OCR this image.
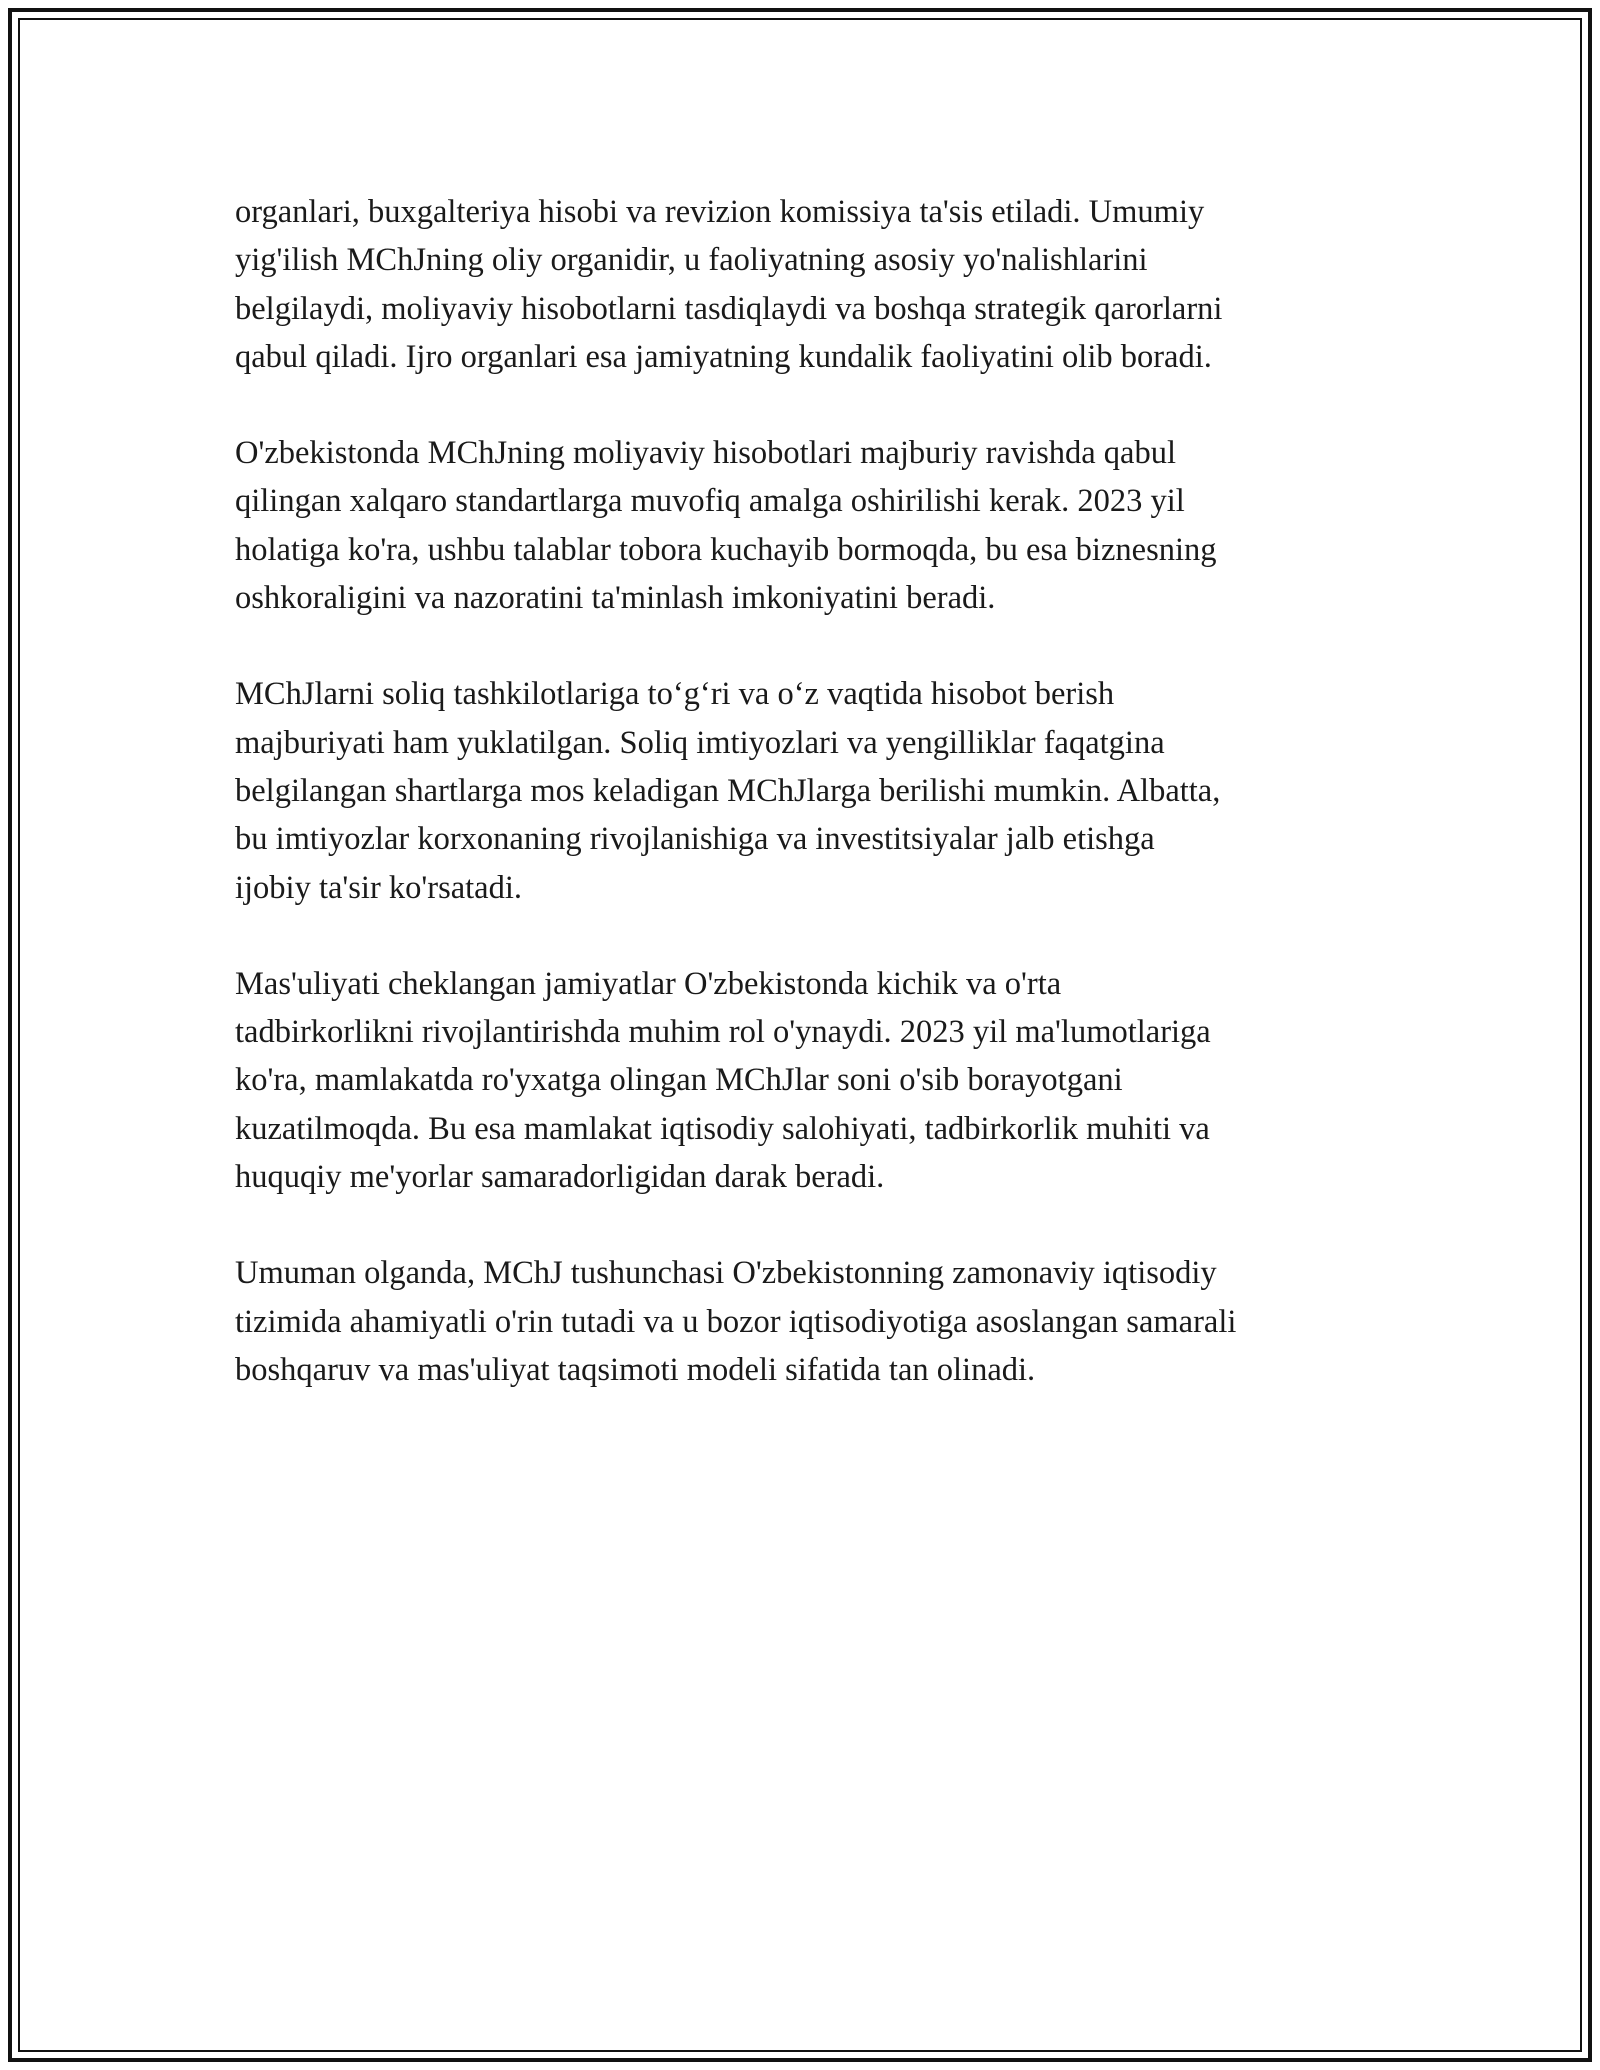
organlari, buxgalteriya hisobi va revizion komissiya ta'sis etiladi. Umumiy
yig'ilish MChJning oliy organidir, u faoliyatning asosiy yo'nalishlarini
belgilaydi, moliyaviy hisobotlarni tasdiqlaydi va boshqa strategik qarorlarni
qabul qiladi. Ijro organlari esa jamiyatning kundalik faoliyatini olib boradi.

O'zbekistonda MChJning moliyaviy hisobotlari majburiy ravishda qabul
qilingan xalqaro standartlarga muvofiq amalga oshirilishi kerak. 2023 yil
holatiga ko'ra, ushbu talablar tobora kuchayib bormoqda, bu esa biznesning
oshkoraligini va nazoratini ta'minlash imkoniyatini beradi.

MChJlarni soliq tashkilotlariga to‘g‘ri va o‘z vaqtida hisobot berish
majburiyati ham yuklatilgan. Soliq imtiyozlari va yengilliklar faqatgina
belgilangan shartlarga mos keladigan MChJlarga berilishi mumkin. Albatta,
bu imtiyozlar korxonaning rivojlanishiga va investitsiyalar jalb etishga
ijobiy ta'sir ko'rsatadi.

Mas'uliyati cheklangan jamiyatlar O'zbekistonda kichik va o'rta
tadbirkorlikni rivojlantirishda muhim rol o'ynaydi. 2023 yil ma'lumotlariga
ko'ra, mamlakatda ro'yxatga olingan MChJlar soni o'sib borayotgani
kuzatilmoqda. Bu esa mamlakat iqtisodiy salohiyati, tadbirkorlik muhiti va
huquqiy me'yorlar samaradorligidan darak beradi.

Umuman olganda, MChJ tushunchasi O'zbekistonning zamonaviy iqtisodiy
tizimida ahamiyatli o'rin tutadi va u bozor iqtisodiyotiga asoslangan samarali
boshqaruv va mas'uliyat taqsimoti modeli sifatida tan olinadi.
